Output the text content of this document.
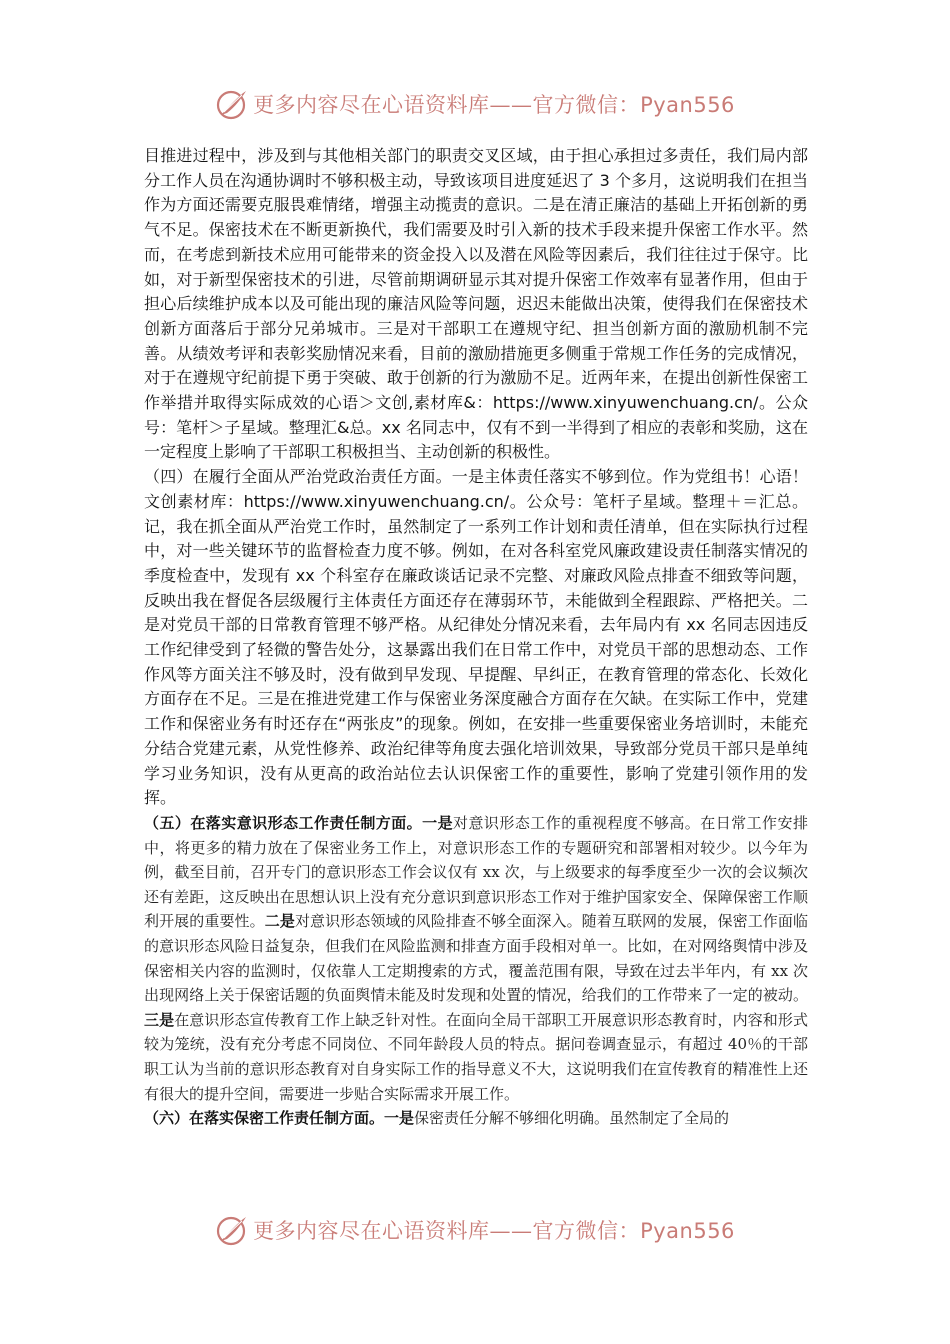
更多内容尽在心语资料库——官方微信：Pyan556

目推进过程中，涉及到与其他相关部门的职责交叉区域，由于担心承担过多责任，我们局内部分工作人员在沟通协调时不够积极主动，导致该项目进度延迟了 3 个多月，这说明我们在担当作为方面还需要克服畏难情绪，增强主动揽责的意识。二是在清正廉洁的基础上开拓创新的勇气不足。保密技术在不断更新换代，我们需要及时引入新的技术手段来提升保密工作水平。然而，在考虑到新技术应用可能带来的资金投入以及潜在风险等因素后，我们往往过于保守。比如，对于新型保密技术的引进，尽管前期调研显示其对提升保密工作效率有显著作用，但由于担心后续维护成本以及可能出现的廉洁风险等问题，迟迟未能做出决策，使得我们在保密技术创新方面落后于部分兄弟城市。三是对干部职工在遵规守纪、担当创新方面的激励机制不完善。从绩效考评和表彰奖励情况来看，目前的激励措施更多侧重于常规工作任务的完成情况，对于在遵规守纪前提下勇于突破、敢于创新的行为激励不足。近两年来，在提出创新性保密工作举措并取得实际成效的心语＞文创,素材库&：https://www.xinyuwenchuang.cn/。公众号：笔杆＞子星域。整理汇&总。xx 名同志中，仅有不到一半得到了相应的表彰和奖励，这在一定程度上影响了干部职工积极担当、主动创新的积极性。

（四）在履行全面从严治党政治责任方面。一是主体责任落实不够到位。作为党组书！心语！文创素材库：https://www.xinyuwenchuang.cn/。公众号：笔杆子星域。整理＋＝汇总。记，我在抓全面从严治党工作时，虽然制定了一系列工作计划和责任清单，但在实际执行过程中，对一些关键环节的监督检查力度不够。例如，在对各科室党风廉政建设责任制落实情况的季度检查中，发现有 xx 个科室存在廉政谈话记录不完整、对廉政风险点排查不细致等问题，反映出我在督促各层级履行主体责任方面还存在薄弱环节，未能做到全程跟踪、严格把关。二是对党员干部的日常教育管理不够严格。从纪律处分情况来看，去年局内有 xx 名同志因违反工作纪律受到了轻微的警告处分，这暴露出我们在日常工作中，对党员干部的思想动态、工作作风等方面关注不够及时，没有做到早发现、早提醒、早纠正，在教育管理的常态化、长效化方面存在不足。三是在推进党建工作与保密业务深度融合方面存在欠缺。在实际工作中，党建工作和保密业务有时还存在“两张皮”的现象。例如，在安排一些重要保密业务培训时，未能充分结合党建元素，从党性修养、政治纪律等角度去强化培训效果，导致部分党员干部只是单纯学习业务知识，没有从更高的政治站位去认识保密工作的重要性，影响了党建引领作用的发挥。

（五）在落实意识形态工作责任制方面。一是对意识形态工作的重视程度不够高。在日常工作安排中，将更多的精力放在了保密业务工作上，对意识形态工作的专题研究和部署相对较少。以今年为例，截至目前，召开专门的意识形态工作会议仅有 xx 次，与上级要求的每季度至少一次的会议频次还有差距，这反映出在思想认识上没有充分意识到意识形态工作对于维护国家安全、保障保密工作顺利开展的重要性。二是对意识形态领域的风险排查不够全面深入。随着互联网的发展，保密工作面临的意识形态风险日益复杂，但我们在风险监测和排查方面手段相对单一。比如，在对网络舆情中涉及保密相关内容的监测时，仅依靠人工定期搜索的方式，覆盖范围有限，导致在过去半年内，有 xx 次出现网络上关于保密话题的负面舆情未能及时发现和处置的情况，给我们的工作带来了一定的被动。三是在意识形态宣传教育工作上缺乏针对性。在面向全局干部职工开展意识形态教育时，内容和形式较为笼统，没有充分考虑不同岗位、不同年龄段人员的特点。据问卷调查显示，有超过 40％的干部职工认为当前的意识形态教育对自身实际工作的指导意义不大，这说明我们在宣传教育的精准性上还有很大的提升空间，需要进一步贴合实际需求开展工作。

（六）在落实保密工作责任制方面。一是保密责任分解不够细化明确。虽然制定了全局的

更多内容尽在心语资料库——官方微信：Pyan556
